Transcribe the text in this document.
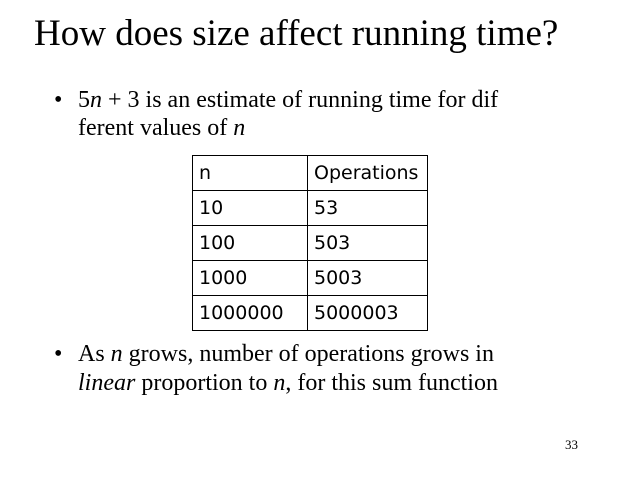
How does size affect running time?
• 5n + 3 is an estimate of running time for dif
ferent values of n
n	Operations
10	53
100	503
1000	5003
1000000	5000003
• As n grows, number of operations grows in
linear proportion to n, for this sum function
33
